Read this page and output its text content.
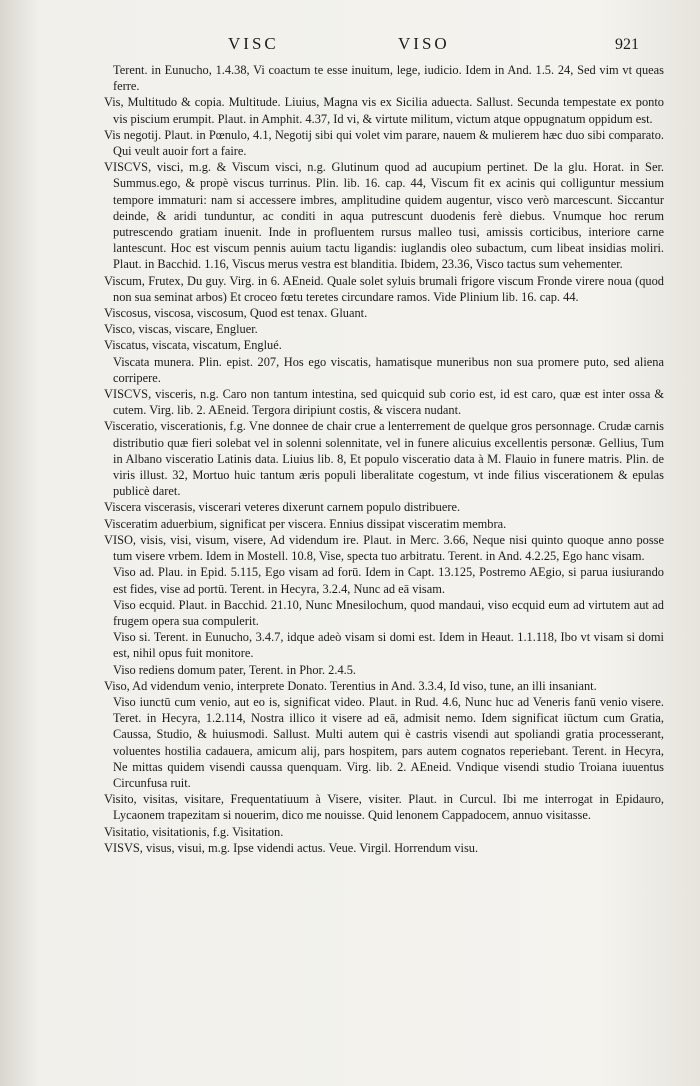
VISC	VISO	921

Terent. in Eunucho, 1.4.38, Vi coactum te esse inuitum, lege, iudicio. Idem in And. 1.5. 24, Sed vim vt queas ferre.

Vis, Multitudo & copia. Multitude. Liuius, Magna vis ex Sicilia aduecta. Sallust. Secunda tempestate ex ponto vis piscium erumpit. Plaut. in Amphit. 4.37, Id vi, & virtute militum, victum atque oppugnatum oppidum est.

Vis negotij. Plaut. in Pœnulo, 4.1, Negotij sibi qui volet vim parare, nauem & mulierem hæc duo sibi comparato. Qui veult auoir fort a faire.

VISCVS, visci, m.g. & Viscum visci, n.g. Glutinum quod ad aucupium pertinet. De la glu. Horat. in Ser. Summus.ego, & propè viscus turrinus. Plin. lib. 16. cap. 44, Viscum fit ex acinis qui colliguntur messium tempore immaturi: nam si accessere imbres, amplitudine quidem augentur, visco verò marcescunt. Siccantur deinde, & aridi tunduntur, ac conditi in aqua putrescunt duodenis ferè diebus. Vnumque hoc rerum putrescendo gratiam inuenit. Inde in profluentem rursus malleo tusi, amissis corticibus, interiore carne lantescunt. Hoc est viscum pennis auium tactu ligandis: iuglandis oleo subactum, cum libeat insidias moliri. Plaut. in Bacchid. 1.16, Viscus merus vestra est blanditia. Ibidem, 23.36, Visco tactus sum vehementer.

Viscum, Frutex, Du guy. Virg. in 6. AEneid. Quale solet syluis brumali frigore viscum Fronde virere noua (quod non sua seminat arbos) Et croceo fœtu teretes circundare ramos. Vide Plinium lib. 16. cap. 44.

Viscosus, viscosa, viscosum, Quod est tenax. Gluant.

Visco, viscas, viscare, Engluer.

Viscatus, viscata, viscatum, Englué.

Viscata munera. Plin. epist. 207, Hos ego viscatis, hamatisque muneribus non sua promere puto, sed aliena corripere.

VISCVS, visceris, n.g. Caro non tantum intestina, sed quicquid sub corio est, id est caro, quæ est inter ossa & cutem. Virg. lib. 2. AEneid. Tergora diripiunt costis, & viscera nudant.

Visceratio, viscerationis, f.g. Vne donnee de chair crue a lenterrement de quelque gros personnage. Crudæ carnis distributio quæ fieri solebat vel in solenni solennitate, vel in funere alicuius excellentis personæ. Gellius, Tum in Albano visceratio Latinis data. Liuius lib. 8, Et populo visceratio data à M. Flauio in funere matris. Plin. de viris illust. 32, Mortuo huic tantum æris populi liberalitate cogestum, vt inde filius viscerationem & epulas publicè daret.

Viscera viscerasis, viscerari veteres dixerunt carnem populo distribuere.

Visceratim aduerbium, significat per viscera. Ennius dissipat visceratim membra.

VISO, visis, visi, visum, visere, Ad videndum ire. Plaut. in Merc. 3.66, Neque nisi quinto quoque anno posse tum visere vrbem. Idem in Mostell. 10.8, Vise, specta tuo arbitratu. Terent. in And. 4.2.25, Ego hanc visam.

Viso ad. Plau. in Epid. 5.115, Ego visam ad forū. Idem in Capt. 13.125, Postremo AEgio, si parua iusiurando est fides, vise ad portū. Terent. in Hecyra, 3.2.4, Nunc ad eā visam.

Viso ecquid. Plaut. in Bacchid. 21.10, Nunc Mnesilochum, quod mandaui, viso ecquid eum ad virtutem aut ad frugem opera sua compulerit.

Viso si. Terent. in Eunucho, 3.4.7, idque adeò visam si domi est. Idem in Heaut. 1.1.118, Ibo vt visam si domi est, nihil opus fuit monitore.

Viso rediens domum pater, Terent. in Phor. 2.4.5.

Viso, Ad videndum venio, interprete Donato. Terentius in And. 3.3.4, Id viso, tune, an illi insaniant.

Viso iunctū cum venio, aut eo is, significat video. Plaut. in Rud. 4.6, Nunc huc ad Veneris fanū venio visere. Teret. in Hecyra, 1.2.114, Nostra illico it visere ad eā, admisit nemo. Idem significat iūctum cum Gratia, Caussa, Studio, & huiusmodi. Sallust. Multi autem qui è castris visendi aut spoliandi gratia processerant, voluentes hostilia cadauera, amicum alij, pars hospitem, pars autem cognatos reperiebant. Terent. in Hecyra, Ne mittas quidem visendi caussa quenquam. Virg. lib. 2. AEneid. Vndique visendi studio Troiana iuuentus Circunfusa ruit.

Visito, visitas, visitare, Frequentatiuum à Visere, visiter. Plaut. in Curcul. Ibi me interrogat in Epidauro, Lycaonem trapezitam si nouerim, dico me nouisse. Quid lenonem Cappadocem, annuo visitasse.

Visitatio, visitationis, f.g. Visitation.

VISVS, visus, visui, m.g. Ipse videndi actus. Veue. Virgil. Horrendum visu.
